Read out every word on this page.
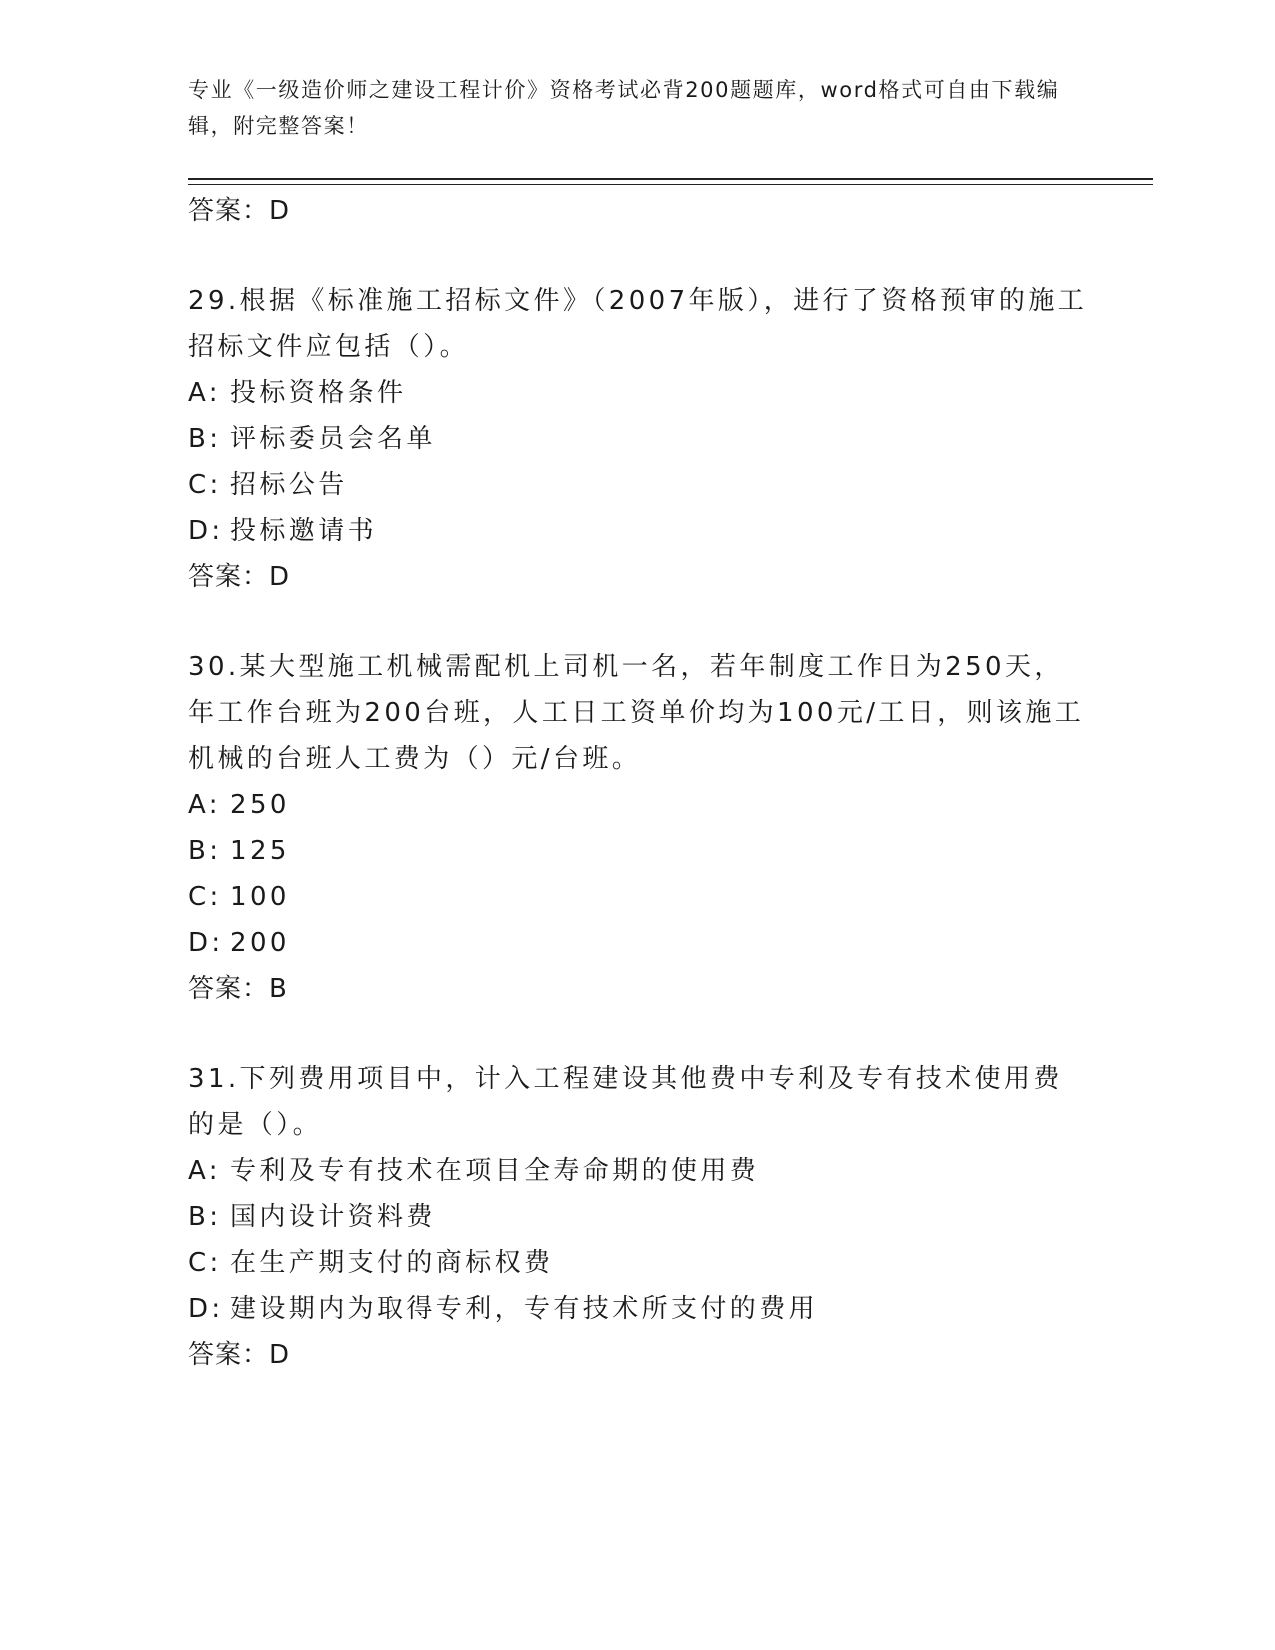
专业《一级造价师之建设工程计价》资格考试必背200题题库，word格式可自由下载编辑，附完整答案！
答案：D
29.根据《标准施工招标文件》（2007年版），进行了资格预审的施工招标文件应包括（）。
A: 投标资格条件
B: 评标委员会名单
C: 招标公告
D: 投标邀请书
答案：D
30.某大型施工机械需配机上司机一名，若年制度工作日为250天，年工作台班为200台班，人工日工资单价均为100元/工日，则该施工机械的台班人工费为（）元/台班。
A: 250
B: 125
C: 100
D: 200
答案：B
31.下列费用项目中，计入工程建设其他费中专利及专有技术使用费的是（）。
A: 专利及专有技术在项目全寿命期的使用费
B: 国内设计资料费
C: 在生产期支付的商标权费
D: 建设期内为取得专利，专有技术所支付的费用
答案：D
